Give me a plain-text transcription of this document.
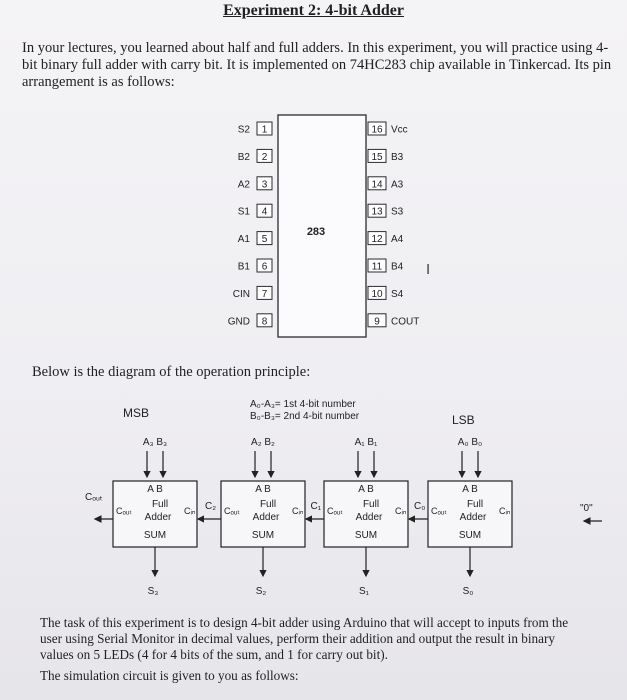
Experiment 2: 4-bit Adder
In your lectures, you learned about half and full adders. In this experiment, you will practice using 4-bit binary full adder with carry bit. It is implemented on 74HC283 chip available in Tinkercad. Its pin arrangement is as follows:
283
1
S2
2
B2
3
A2
4
S1
5
A1
6
B1
7
CIN
8
GND
16 Vcc
15 B3
14 A3
13 S3
12 A4
11 B4
10 S4
9 COUT
I
Below is the diagram of the operation principle:
A₀-A₃= 1st 4-bit number
B₀-B₃= 2nd 4-bit number
MSB	LSB
Cₒᵤₜ
"0"
A₃ B₃
A B
Full
Adder
Cₒᵤₜ	Cᵢₙ
SUM
S₃
A₂ B₂
A B
Full
Adder
Cₒᵤₜ	Cᵢₙ
SUM
S₂
C₂
A₁ B₁
A B
Full
Adder
Cₒᵤₜ	Cᵢₙ
SUM
S₁
C₁
A₀ B₀
A B
Full
Adder
Cₒᵤₜ	Cᵢₙ
SUM
S₀
C₀
The task of this experiment is to design 4-bit adder using Arduino that will accept to inputs from the user using Serial Monitor in decimal values, perform their addition and output the result in binary values on 5 LEDs (4 for 4 bits of the sum, and 1 for carry out bit).
The simulation circuit is given to you as follows:
